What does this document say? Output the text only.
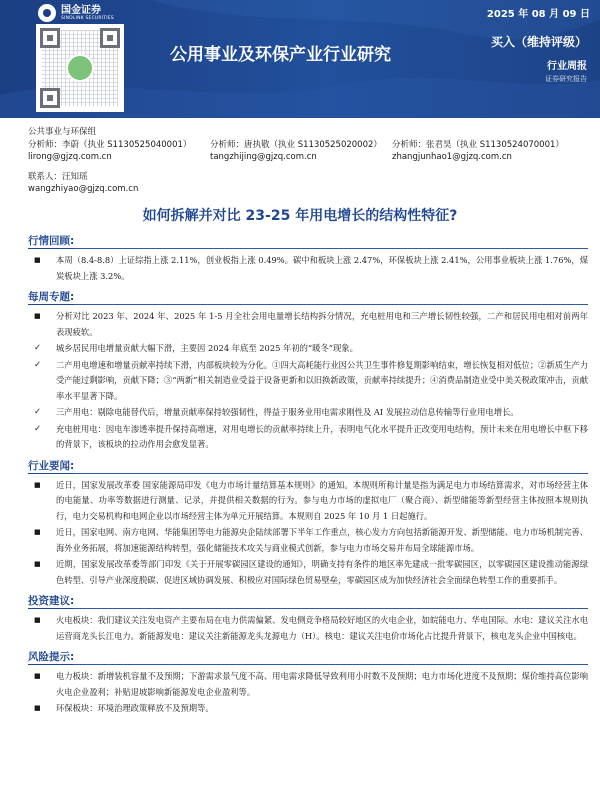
国金证券
SINOLINK SECURITIES	2025 年 08 月 09 日
公用事业及环保产业行业研究
买入（维持评级）
行业周报
证券研究报告
公共事业与环保组
分析师：李蔚（执业 S1130525040001）	分析师：唐执敬（执业 S1130525020002）	分析师：张君昊（执业 S1130524070001）
lirong@gjzq.com.cn	tangzhijing@gjzq.com.cn	zhangjunhao1@gjzq.com.cn
联系人：汪知瑶
wangzhiyao@gjzq.com.cn
如何拆解并对比 23-25 年用电增长的结构性特征?
行情回顾:
■ 本周（8.4-8.8）上证综指上涨 2.11%，创业板指上涨 0.49%。碳中和板块上涨 2.47%，环保板块上涨 2.41%，公用事业板块上涨 1.76%，煤炭板块上涨 3.2%。
每周专题:
■ 分析对比 2023 年、2024 年、2025 年 1-5 月全社会用电量增长结构拆分情况，充电桩用电和三产增长韧性较强，二产和居民用电相对前两年表现疲软。
✓ 城乡居民用电增量贡献大幅下滑，主要因 2024 年底至 2025 年初的“暖冬”现象。
✓ 二产用电增速和增量贡献率持续下滑，内部板块较为分化。①四大高耗能行业因公共卫生事件修复期影响结束，增长恢复相对低位；②新质生产力受产能过剩影响，贡献下降；③“两新”相关制造业受益于设备更新和以旧换新政策，贡献率持续提升；④消费品制造业受中美关税政策冲击，贡献率水平显著下降。
✓ 三产用电：剔除电能替代后，增量贡献率保持较强韧性，得益于服务业用电需求刚性及 AI 发展拉动信息传输等行业用电增长。
✓ 充电桩用电：因电车渗透率提升保持高增速，对用电增长的贡献率持续上升，表明电气化水平提升正改变用电结构，预计未来在用电增长中枢下移的背景下，该板块的拉动作用会愈发显著。
行业要闻:
■ 近日，国家发展改革委 国家能源局印发《电力市场计量结算基本规则》的通知。本规则所称计量是指为满足电力市场结算需求，对市场经营主体的电能量、功率等数据进行测量、记录，并提供相关数据的行为。参与电力市场的虚拟电厂（聚合商）、新型储能等新型经营主体按照本规则执行，电力交易机构和电网企业以市场经营主体为单元开展结算。本规则自 2025 年 10 月 1 日起施行。
■ 近日，国家电网、南方电网、华能集团等电力能源央企陆续部署下半年工作重点，核心发力方向包括新能源开发、新型储能、电力市场机制完善、海外业务拓展，将加速能源结构转型，强化储能技术攻关与商业模式创新，参与电力市场交易并布局全球能源市场。
■ 近期，国家发展改革委等部门印发《关于开展零碳园区建设的通知》，明确支持有条件的地区率先建成一批零碳园区，以零碳园区建设推动能源绿色转型、引导产业深度脱碳、促进区域协调发展、积极应对国际绿色贸易壁垒，零碳园区成为加快经济社会全面绿色转型工作的重要抓手。
投资建议:
■ 火电板块：我们建议关注发电资产主要布局在电力供需偏紧、发电侧竞争格局较好地区的火电企业，如皖能电力、华电国际。水电：建议关注水电运营商龙头长江电力。新能源发电：建议关注新能源龙头龙源电力（H）。核电：建议关注电价市场化占比提升背景下，核电龙头企业中国核电。
风险提示:
■ 电力板块：新增装机容量不及预期；下游需求景气度不高、用电需求降低导致利用小时数不及预期；电力市场化进度不及预期；煤价维持高位影响火电企业盈利；补贴退坡影响新能源发电企业盈利等。
■ 环保板块：环境治理政策释放不及预期等。
